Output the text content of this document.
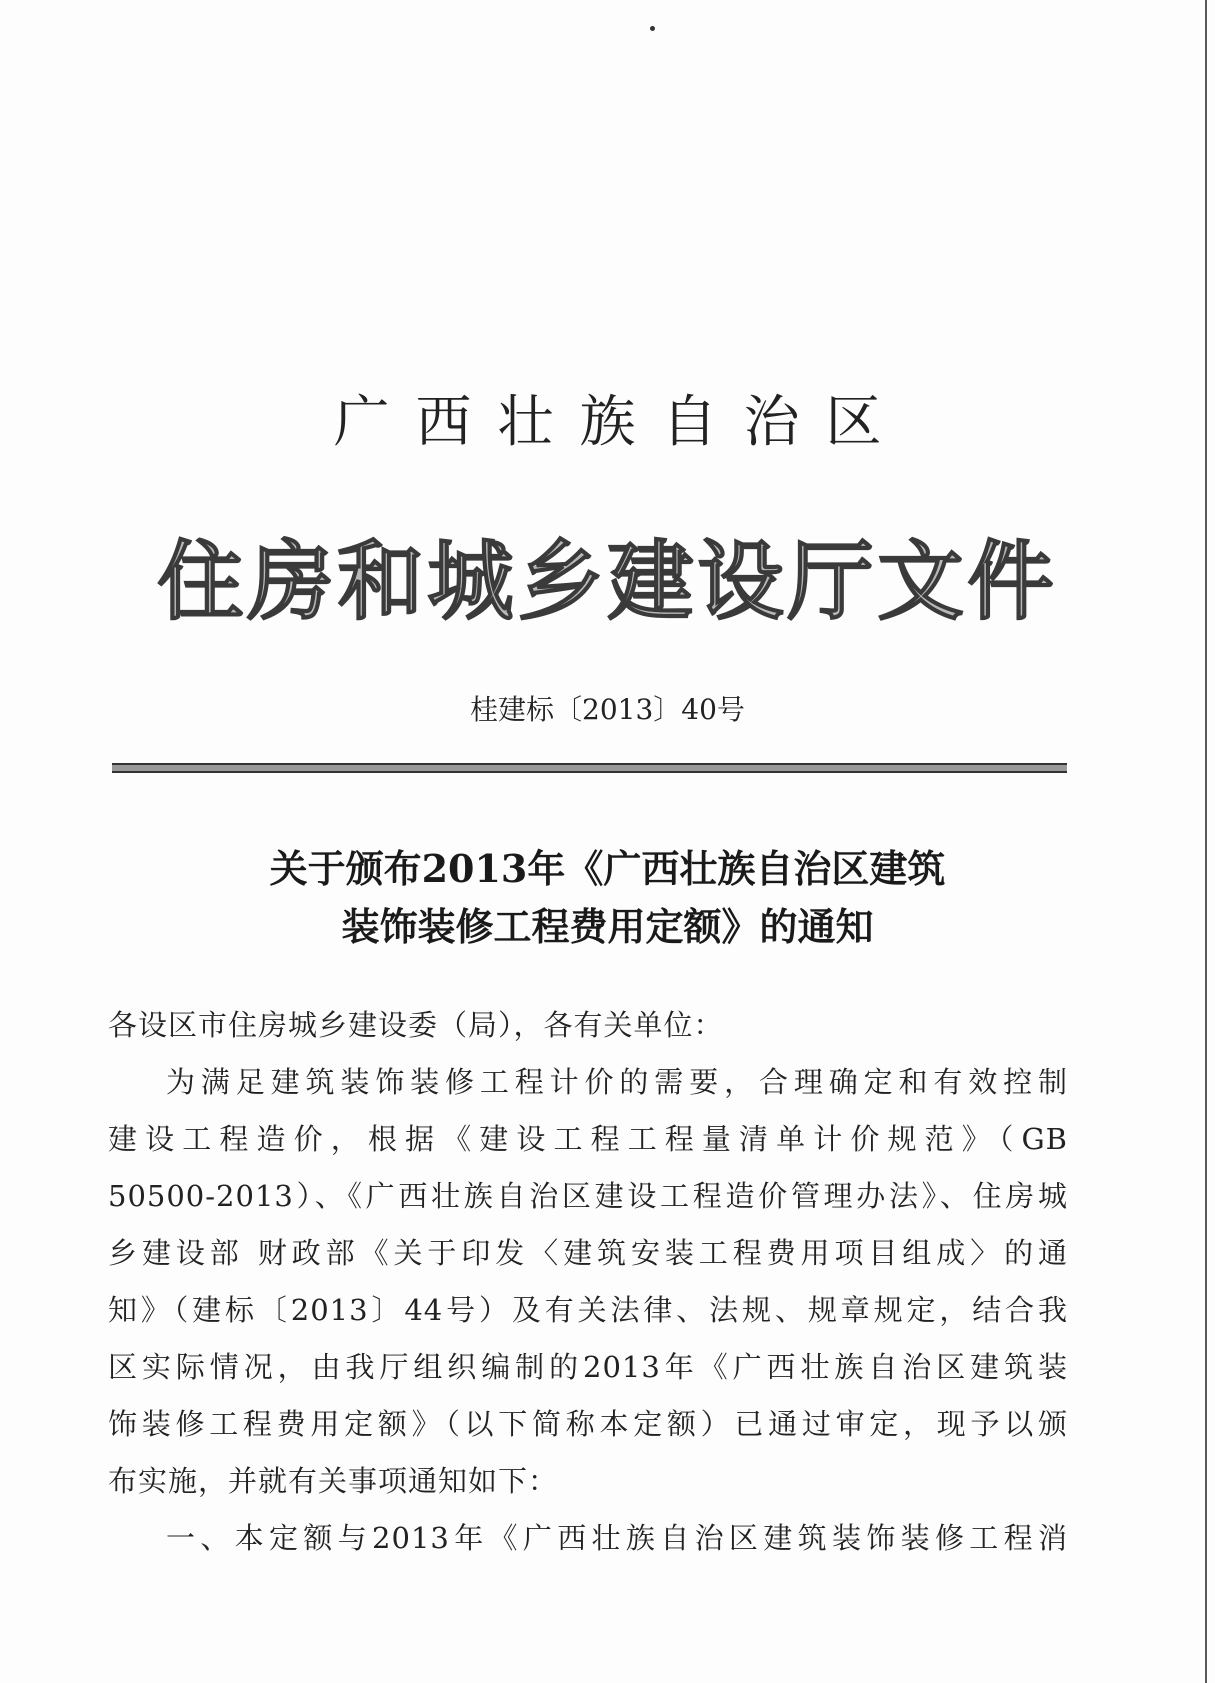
广西壮族自治区
住房和城乡建设厅文件
桂建标〔2013〕40号
关于颁布2013年《广西壮族自治区建筑
装饰装修工程费用定额》的通知
各设区市住房城乡建设委（局），各有关单位：
为满足建筑装饰装修工程计价的需要，合理确定和有效控制
建设工程造价，根据《建设工程工程量清单计价规范》（GB
50500-2013）、《广西壮族自治区建设工程造价管理办法》、住房城
乡建设部 财政部《关于印发〈建筑安装工程费用项目组成〉的通
知》（建标〔2013〕44号）及有关法律、法规、规章规定，结合我
区实际情况，由我厅组织编制的2013年《广西壮族自治区建筑装
饰装修工程费用定额》（以下简称本定额）已通过审定，现予以颁
布实施，并就有关事项通知如下：
一、本定额与2013年《广西壮族自治区建筑装饰装修工程消
